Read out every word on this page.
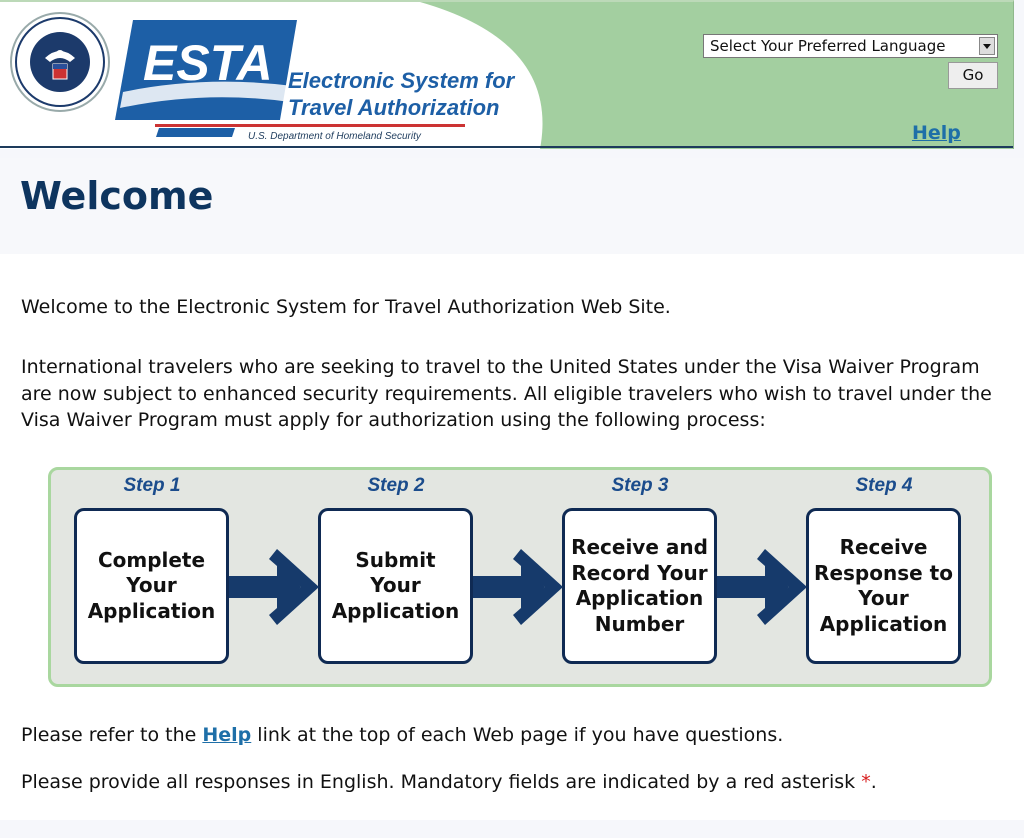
ESTA Electronic System for
Travel Authorization
U.S. Department of Homeland Security
Select Your Preferred Language
Go
Help
Welcome
Welcome to the Electronic System for Travel Authorization Web Site.
International travelers who are seeking to travel to the United States under the Visa Waiver Program are now subject to enhanced security requirements. All eligible travelers who wish to travel under the Visa Waiver Program must apply for authorization using the following process:
Step 1	Step 2	Step 3	Step 4
Complete Your Application
Submit Your Application
Receive and Record Your Application Number
Receive Response to Your Application
Please refer to the Help link at the top of each Web page if you have questions.
Please provide all responses in English. Mandatory fields are indicated by a red asterisk *.
